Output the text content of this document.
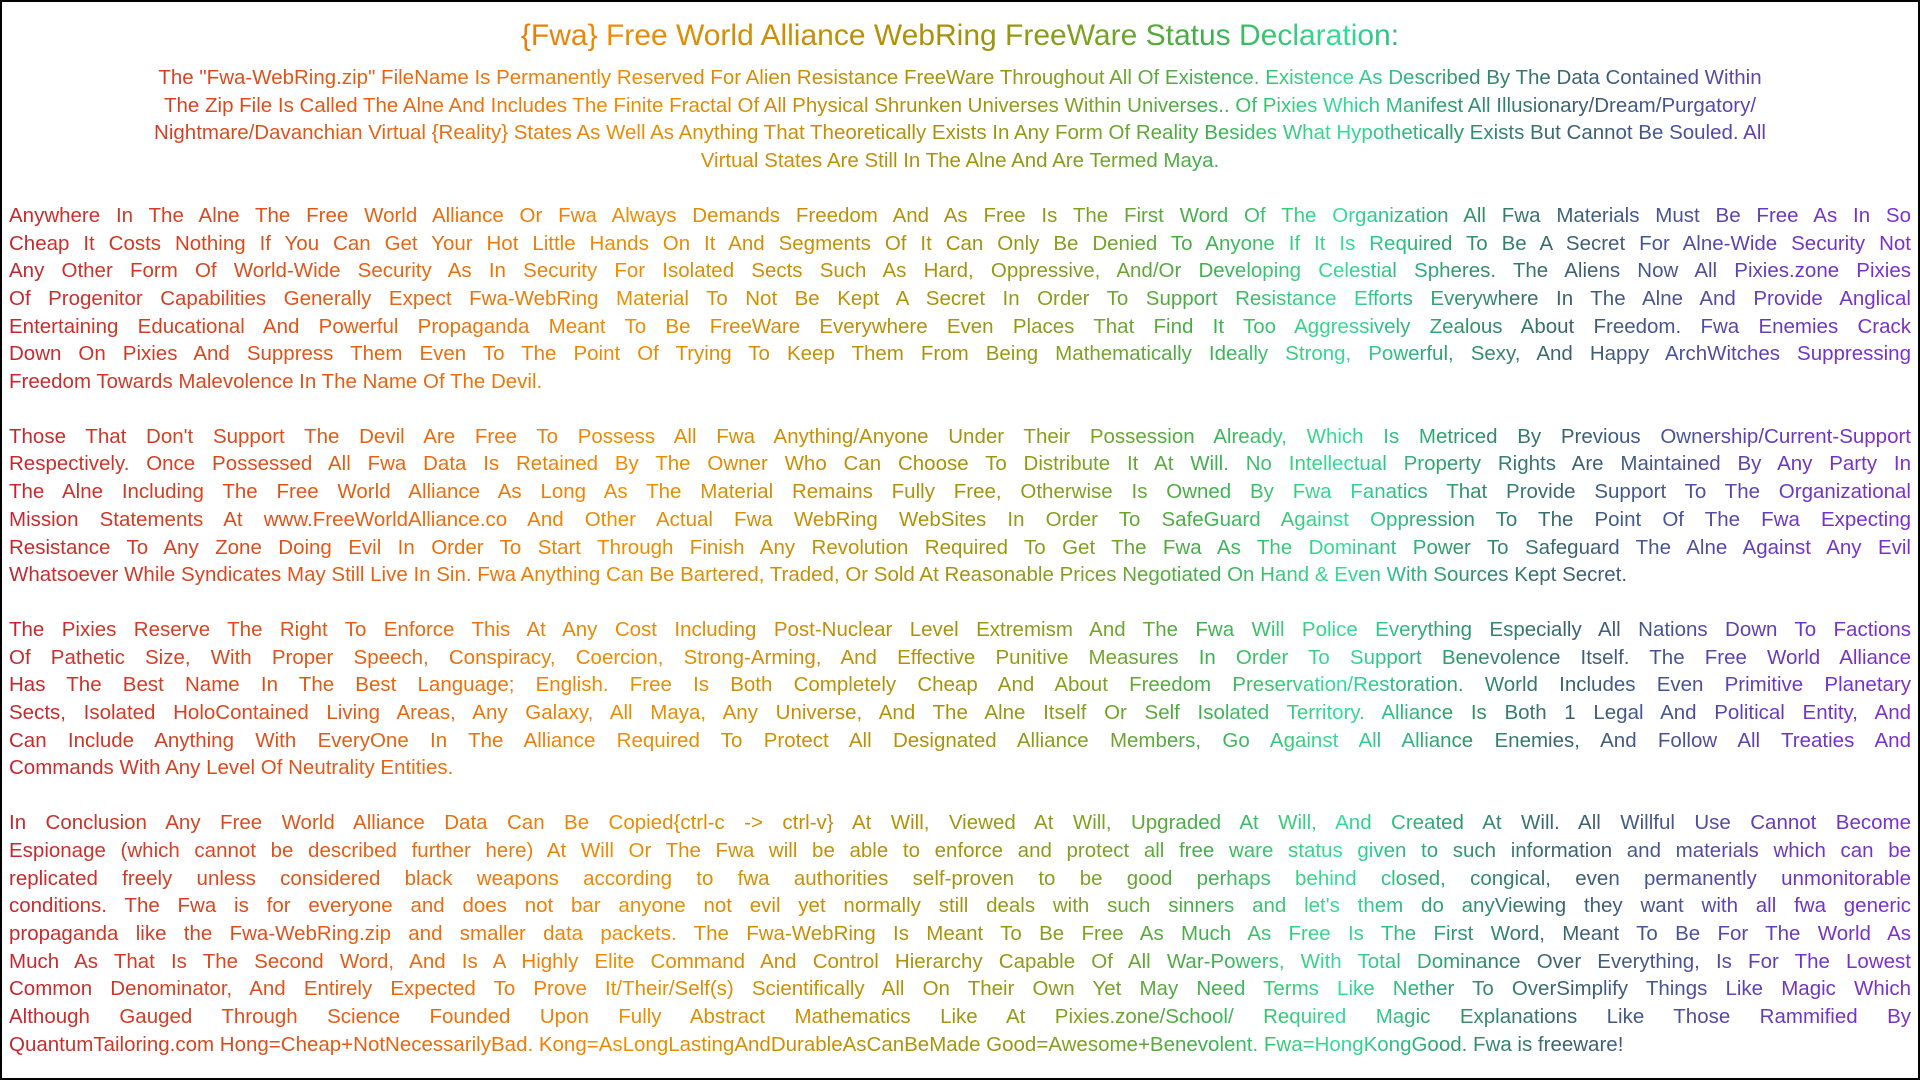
{Fwa} Free World Alliance WebRing FreeWare Status Declaration:
The "Fwa-WebRing.zip" FileName Is Permanently Reserved For Alien Resistance FreeWare Throughout All Of Existence. Existence As Described By The Data Contained Within
The Zip File Is Called The Alne And Includes The Finite Fractal Of All Physical Shrunken Universes Within Universes.. Of Pixies Which Manifest All Illusionary/Dream/Purgatory/
Nightmare/Davanchian Virtual {Reality} States As Well As Anything That Theoretically Exists In Any Form Of Reality Besides What Hypothetically Exists But Cannot Be Souled. All
Virtual States Are Still In The Alne And Are Termed Maya.
Anywhere In The Alne The Free World Alliance Or Fwa Always Demands Freedom And As Free Is The First Word Of The Organization All Fwa Materials Must Be Free As In So
Cheap It Costs Nothing If You Can Get Your Hot Little Hands On It And Segments Of It Can Only Be Denied To Anyone If It Is Required To Be A Secret For Alne-Wide Security Not
Any Other Form Of World-Wide Security As In Security For Isolated Sects Such As Hard, Oppressive, And/Or Developing Celestial Spheres. The Aliens Now All Pixies.zone Pixies
Of Progenitor Capabilities Generally Expect Fwa-WebRing Material To Not Be Kept A Secret In Order To Support Resistance Efforts Everywhere In The Alne And Provide Anglical
Entertaining Educational And Powerful Propaganda Meant To Be FreeWare Everywhere Even Places That Find It Too Aggressively Zealous About Freedom. Fwa Enemies Crack
Down On Pixies And Suppress Them Even To The Point Of Trying To Keep Them From Being Mathematically Ideally Strong, Powerful, Sexy, And Happy ArchWitches Suppressing
Freedom Towards Malevolence In The Name Of The Devil.
Those That Don't Support The Devil Are Free To Possess All Fwa Anything/Anyone Under Their Possession Already, Which Is Metriced By Previous Ownership/Current-Support
Respectively. Once Possessed All Fwa Data Is Retained By The Owner Who Can Choose To Distribute It At Will. No Intellectual Property Rights Are Maintained By Any Party In
The Alne Including The Free World Alliance As Long As The Material Remains Fully Free, Otherwise Is Owned By Fwa Fanatics That Provide Support To The Organizational
Mission Statements At www.FreeWorldAlliance.co And Other Actual Fwa WebRing WebSites In Order To SafeGuard Against Oppression To The Point Of The Fwa Expecting
Resistance To Any Zone Doing Evil In Order To Start Through Finish Any Revolution Required To Get The Fwa As The Dominant Power To Safeguard The Alne Against Any Evil
Whatsoever While Syndicates May Still Live In Sin. Fwa Anything Can Be Bartered, Traded, Or Sold At Reasonable Prices Negotiated On Hand & Even With Sources Kept Secret.
The Pixies Reserve The Right To Enforce This At Any Cost Including Post-Nuclear Level Extremism And The Fwa Will Police Everything Especially All Nations Down To Factions
Of Pathetic Size, With Proper Speech, Conspiracy, Coercion, Strong-Arming, And Effective Punitive Measures In Order To Support Benevolence Itself. The Free World Alliance
Has The Best Name In The Best Language; English. Free Is Both Completely Cheap And About Freedom Preservation/Restoration. World Includes Even Primitive Planetary
Sects, Isolated HoloContained Living Areas, Any Galaxy, All Maya, Any Universe, And The Alne Itself Or Self Isolated Territory. Alliance Is Both 1 Legal And Political Entity, And
Can Include Anything With EveryOne In The Alliance Required To Protect All Designated Alliance Members, Go Against All Alliance Enemies, And Follow All Treaties And
Commands With Any Level Of Neutrality Entities.
In Conclusion Any Free World Alliance Data Can Be Copied{ctrl-c -> ctrl-v} At Will, Viewed At Will, Upgraded At Will, And Created At Will. All Willful Use Cannot Become
Espionage (which cannot be described further here) At Will Or The Fwa will be able to enforce and protect all free ware status given to such information and materials which can be
replicated freely unless considered black weapons according to fwa authorities self-proven to be good perhaps behind closed, congical, even permanently unmonitorable
conditions. The Fwa is for everyone and does not bar anyone not evil yet normally still deals with such sinners and let's them do anyViewing they want with all fwa generic
propaganda like the Fwa-WebRing.zip and smaller data packets. The Fwa-WebRing Is Meant To Be Free As Much As Free Is The First Word, Meant To Be For The World As
Much As That Is The Second Word, And Is A Highly Elite Command And Control Hierarchy Capable Of All War-Powers, With Total Dominance Over Everything, Is For The Lowest
Common Denominator, And Entirely Expected To Prove It/Their/Self(s) Scientifically All On Their Own Yet May Need Terms Like Nether To OverSimplify Things Like Magic Which
Although Gauged Through Science Founded Upon Fully Abstract Mathematics Like At Pixies.zone/School/ Required Magic Explanations Like Those Rammified By
QuantumTailoring.com Hong=Cheap+NotNecessarilyBad. Kong=AsLongLastingAndDurableAsCanBeMade Good=Awesome+Benevolent. Fwa=HongKongGood. Fwa is freeware!
